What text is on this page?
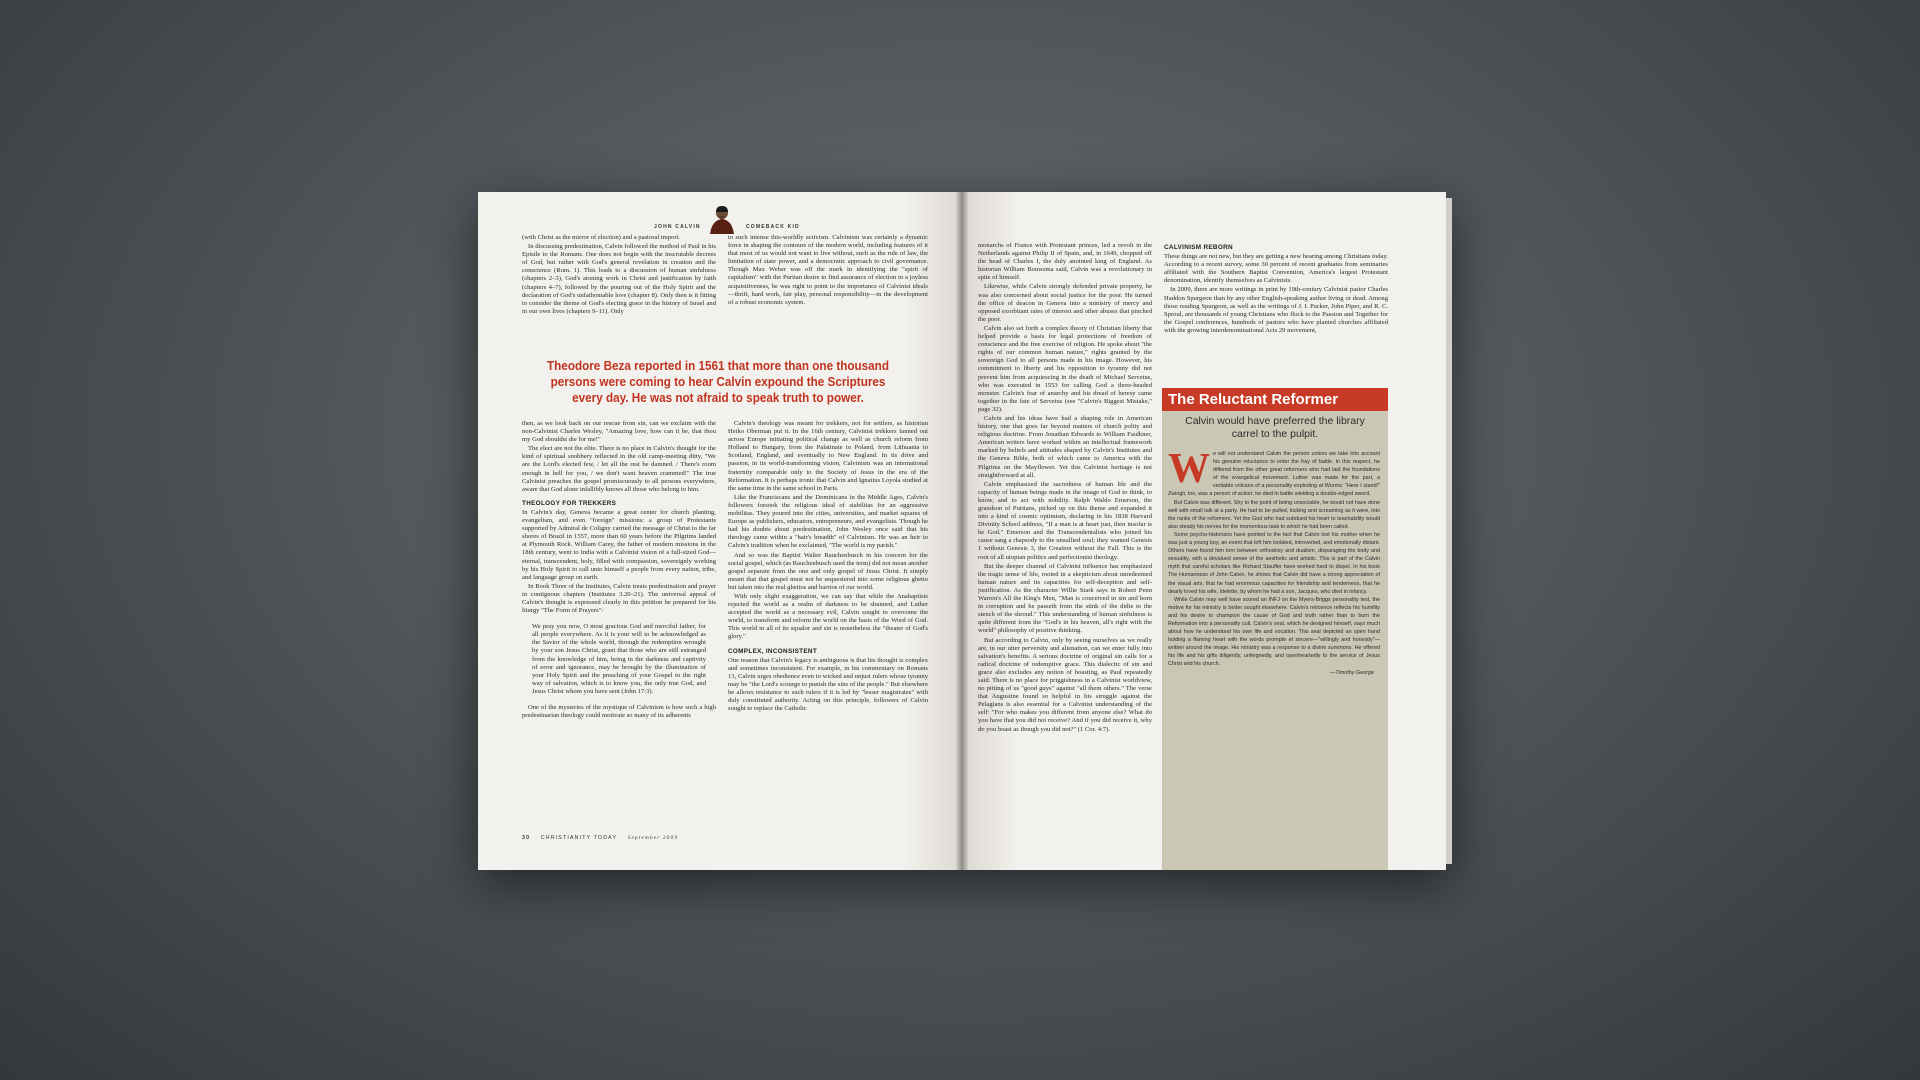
JOHN CALVIN	COMEBACK KID

(with Christ as the mirror of election) and a pastoral import.

In discussing predestination, Calvin followed the method of Paul in his Epistle to the Romans. One does not begin with the inscrutable decrees of God, but rather with God's general revelation in creation and the conscience (Rom. 1). This leads to a discussion of human sinfulness (chapters 2–3), God's atoning work in Christ and justification by faith (chapters 4–7), followed by the pouring out of the Holy Spirit and the declaration of God's unfathomable love (chapter 8). Only then is it fitting to consider the theme of God's electing grace in the history of Israel and in our own lives (chapters 9–11). Only

to such intense this-worldly activism. Calvinism was certainly a dynamic force in shaping the contours of the modern world, including features of it that most of us would not want to live without, such as the rule of law, the limitation of state power, and a democratic approach to civil governance. Though Max Weber was off the mark in identifying the "spirit of capitalism" with the Puritan desire to find assurance of election in a joyless acquisitiveness, he was right to point to the importance of Calvinist ideals—thrift, hard work, fair play, personal responsibility—in the development of a robust economic system.

Theodore Beza reported in 1561 that more than one thousand persons were coming to hear Calvin expound the Scriptures every day. He was not afraid to speak truth to power.

then, as we look back on our rescue from sin, can we exclaim with the non-Calvinist Charles Wesley, "Amazing love, how can it be, that thou my God shouldst die for me!"

The elect are not the elite. There is no place in Calvin's thought for the kind of spiritual snobbery reflected in the old camp-meeting ditty, "We are the Lord's elected few, / let all the rest be damned. / There's room enough in hell for you, / we don't want heaven crammed!" The true Calvinist preaches the gospel promiscuously to all persons everywhere, aware that God alone infallibly knows all those who belong to him.

THEOLOGY FOR TREKKERS

In Calvin's day, Geneva became a great center for church planting, evangelism, and even "foreign" missions: a group of Protestants supported by Admiral de Coligny carried the message of Christ to the far shores of Brazil in 1557, more than 60 years before the Pilgrims landed at Plymouth Rock. William Carey, the father of modern missions in the 18th century, went to India with a Calvinist vision of a full-sized God—eternal, transcendent, holy, filled with compassion, sovereignly working by his Holy Spirit to call unto himself a people from every nation, tribe, and language group on earth.

In Book Three of the Institutes, Calvin treats predestination and prayer in contiguous chapters (Institutes 3.20–21). The universal appeal of Calvin's thought is expressed clearly in this petition he prepared for his liturgy "The Form of Prayers":

We pray you now, O most gracious God and merciful father, for all people everywhere. As it is your will to be acknowledged as the Savior of the whole world, through the redemption wrought by your son Jesus Christ, grant that those who are still estranged from the knowledge of him, being in the darkness and captivity of error and ignorance, may be brought by the illumination of your Holy Spirit and the preaching of your Gospel to the right way of salvation, which is to know you, the only true God, and Jesus Christ whom you have sent (John 17:3).

One of the mysteries of the mystique of Calvinism is how such a high predestinarian theology could motivate so many of its adherents

Calvin's theology was meant for trekkers, not for settlers, as historian Heiko Oberman put it. In the 16th century, Calvinist trekkers fanned out across Europe initiating political change as well as church reform from Holland to Hungary, from the Palatinate to Poland, from Lithuania to Scotland, England, and eventually to New England. In its drive and passion, in its world-transforming vision, Calvinism was an international fraternity comparable only to the Society of Jesus in the era of the Reformation. It is perhaps ironic that Calvin and Ignatius Loyola studied at the same time in the same school in Paris.

Like the Franciscans and the Dominicans in the Middle Ages, Calvin's followers forsook the religious ideal of stabilitas for an aggressive mobilitas. They poured into the cities, universities, and market squares of Europe as publishers, educators, entrepreneurs, and evangelists. Though he had his doubts about predestination, John Wesley once said that his theology came within a "hair's breadth" of Calvinism. He was an heir to Calvin's tradition when he exclaimed, "The world is my parish."

And so was the Baptist Walter Rauchenbusch in his concern for the social gospel, which (as Rauchenbusch used the term) did not mean another gospel separate from the one and only gospel of Jesus Christ. It simply meant that that gospel must not be sequestered into some religious ghetto but taken into the real ghettos and barrios of our world.

With only slight exaggeration, we can say that while the Anabaptists rejected the world as a realm of darkness to be shunned, and Luther accepted the world as a necessary evil, Calvin sought to overcome the world, to transform and reform the world on the basis of the Word of God. This world in all of its squalor and sin is nonetheless the "theater of God's glory."

COMPLEX, INCONSISTENT

One reason that Calvin's legacy is ambiguous is that his thought is complex and sometimes inconsistent. For example, in his commentary on Romans 13, Calvin urges obedience even to wicked and unjust rulers whose tyranny may be "the Lord's scourge to punish the sins of the people." But elsewhere he allows resistance to such rulers if it is led by "lesser magistrates" with duly constituted authority. Acting on this principle, followers of Calvin sought to replace the Catholic

30 CHRISTIANITY TODAY September 2009

monarchs of France with Protestant princes, led a revolt in the Netherlands against Philip II of Spain, and, in 1649, chopped off the head of Charles I, the duly anointed king of England. As historian William Bouwsma said, Calvin was a revolutionary in spite of himself.

Likewise, while Calvin strongly defended private property, he was also concerned about social justice for the poor. He turned the office of deacon in Geneva into a ministry of mercy and opposed exorbitant rates of interest and other abuses that pinched the poor.

Calvin also set forth a complex theory of Christian liberty that helped provide a basis for legal protections of freedom of conscience and the free exercise of religion. He spoke about "the rights of our common human nature," rights granted by the sovereign God to all persons made in his image. However, his commitment to liberty and his opposition to tyranny did not prevent him from acquiescing in the death of Michael Servetus, who was executed in 1553 for calling God a three-headed monster. Calvin's fear of anarchy and his dread of heresy came together in the fate of Servetus (see "Calvin's Biggest Mistake," page 32).

Calvin and his ideas have had a shaping role in American history, one that goes far beyond matters of church polity and religious doctrine. From Jonathan Edwards to William Faulkner, American writers have worked within an intellectual framework marked by beliefs and attitudes shaped by Calvin's Institutes and the Geneva Bible, both of which came to America with the Pilgrims on the Mayflower. Yet this Calvinist heritage is not straightforward at all.

Calvin emphasized the sacredness of human life and the capacity of human beings made in the image of God to think, to know, and to act with nobility. Ralph Waldo Emerson, the grandson of Puritans, picked up on this theme and expanded it into a kind of cosmic optimism, declaring in his 1838 Harvard Divinity School address, "If a man is at heart just, then insofar is he God." Emerson and the Transcendentalists who joined his cause sang a rhapsody to the unsullied soul; they wanted Genesis 1 without Genesis 3, the Creation without the Fall. This is the root of all utopian politics and perfectionist theology.

But the deeper channel of Calvinist influence has emphasized the tragic sense of life, rooted in a skepticism about unredeemed human nature and its capacities for self-deception and self-justification. As the character Willie Stark says in Robert Penn Warren's All the King's Men, "Man is conceived in sin and born in corruption and he passeth from the stink of the didie to the stench of the shroud." This understanding of human sinfulness is quite different from the "God's in his heaven, all's right with the world" philosophy of positive thinking.

But according to Calvin, only by seeing ourselves as we really are, in our utter perversity and alienation, can we enter fully into salvation's benefits. A serious doctrine of original sin calls for a radical doctrine of redemptive grace. This dialectic of sin and grace also excludes any notion of boasting, as Paul repeatedly said. There is no place for priggishness in a Calvinist worldview, no pitting of us "good guys" against "all them others." The verse that Augustine found so helpful in his struggle against the Pelagians is also essential for a Calvinist understanding of the self: "For who makes you different from anyone else? What do you have that you did not receive? And if you did receive it, why do you boast as though you did not?" (1 Cor. 4:7).

CALVINISM REBORN

These things are not new, but they are getting a new hearing among Christians today. According to a recent survey, some 30 percent of recent graduates from seminaries affiliated with the Southern Baptist Convention, America's largest Protestant denomination, identify themselves as Calvinists.

In 2009, there are more writings in print by 19th-century Calvinist pastor Charles Haddon Spurgeon than by any other English-speaking author living or dead. Among those reading Spurgeon, as well as the writings of J. I. Packer, John Piper, and R. C. Sproul, are thousands of young Christians who flock to the Passion and Together for the Gospel conferences, hundreds of pastors who have planted churches affiliated with the growing interdenominational Acts 29 movement,

The Reluctant Reformer
Calvin would have preferred the library carrel to the pulpit.

We will not understand Calvin the person unless we take into account his genuine reluctance to enter the fray of battle. In this respect, he differed from the other great reformers who had laid the foundations of the evangelical movement. Luther was made for the part, a veritable volcano of a personality exploding at Worms: "Here I stand!" Zwingli, too, was a person of action; he died in battle wielding a double-edged sword.

But Calvin was different. Shy to the point of being unsociable, he would not have done well with small talk at a party. He had to be pulled, kicking and screaming as it were, into the ranks of the reformers. Yet the God who had subdued his heart to teachability would also steady his nerves for the momentous task to which he had been called.

Some psycho-historians have pointed to the fact that Calvin lost his mother when he was just a young boy, an event that left him isolated, introverted, and emotionally distant. Others have found him torn between orthodoxy and dualism, disparaging the body and sexuality, with a devalued sense of the aesthetic and artistic. This is part of the Calvin myth that careful scholars like Richard Stauffer have worked hard to dispel. In his book The Humanness of John Calvin, he shows that Calvin did have a strong appreciation of the visual arts, that he had enormous capacities for friendship and tenderness, that he dearly loved his wife, Idelette, by whom he had a son, Jacques, who died in infancy.

While Calvin may well have scored an INFJ on the Myers-Briggs personality test, the motive for his ministry is better sought elsewhere. Calvin's reticence reflects his humility and his desire to champion the cause of God and truth rather than to burn the Reformation into a personality cult. Calvin's seal, which he designed himself, says much about how he understood his own life and vocation. This seal depicted an open hand holding a flaming heart with the words prompte et sincere—"willingly and honestly"—written around the image. His ministry was a response to a divine summons. He offered his life and his gifts diligently, unfeignedly, and openheartedly to the service of Jesus Christ and his church.

—Timothy George
